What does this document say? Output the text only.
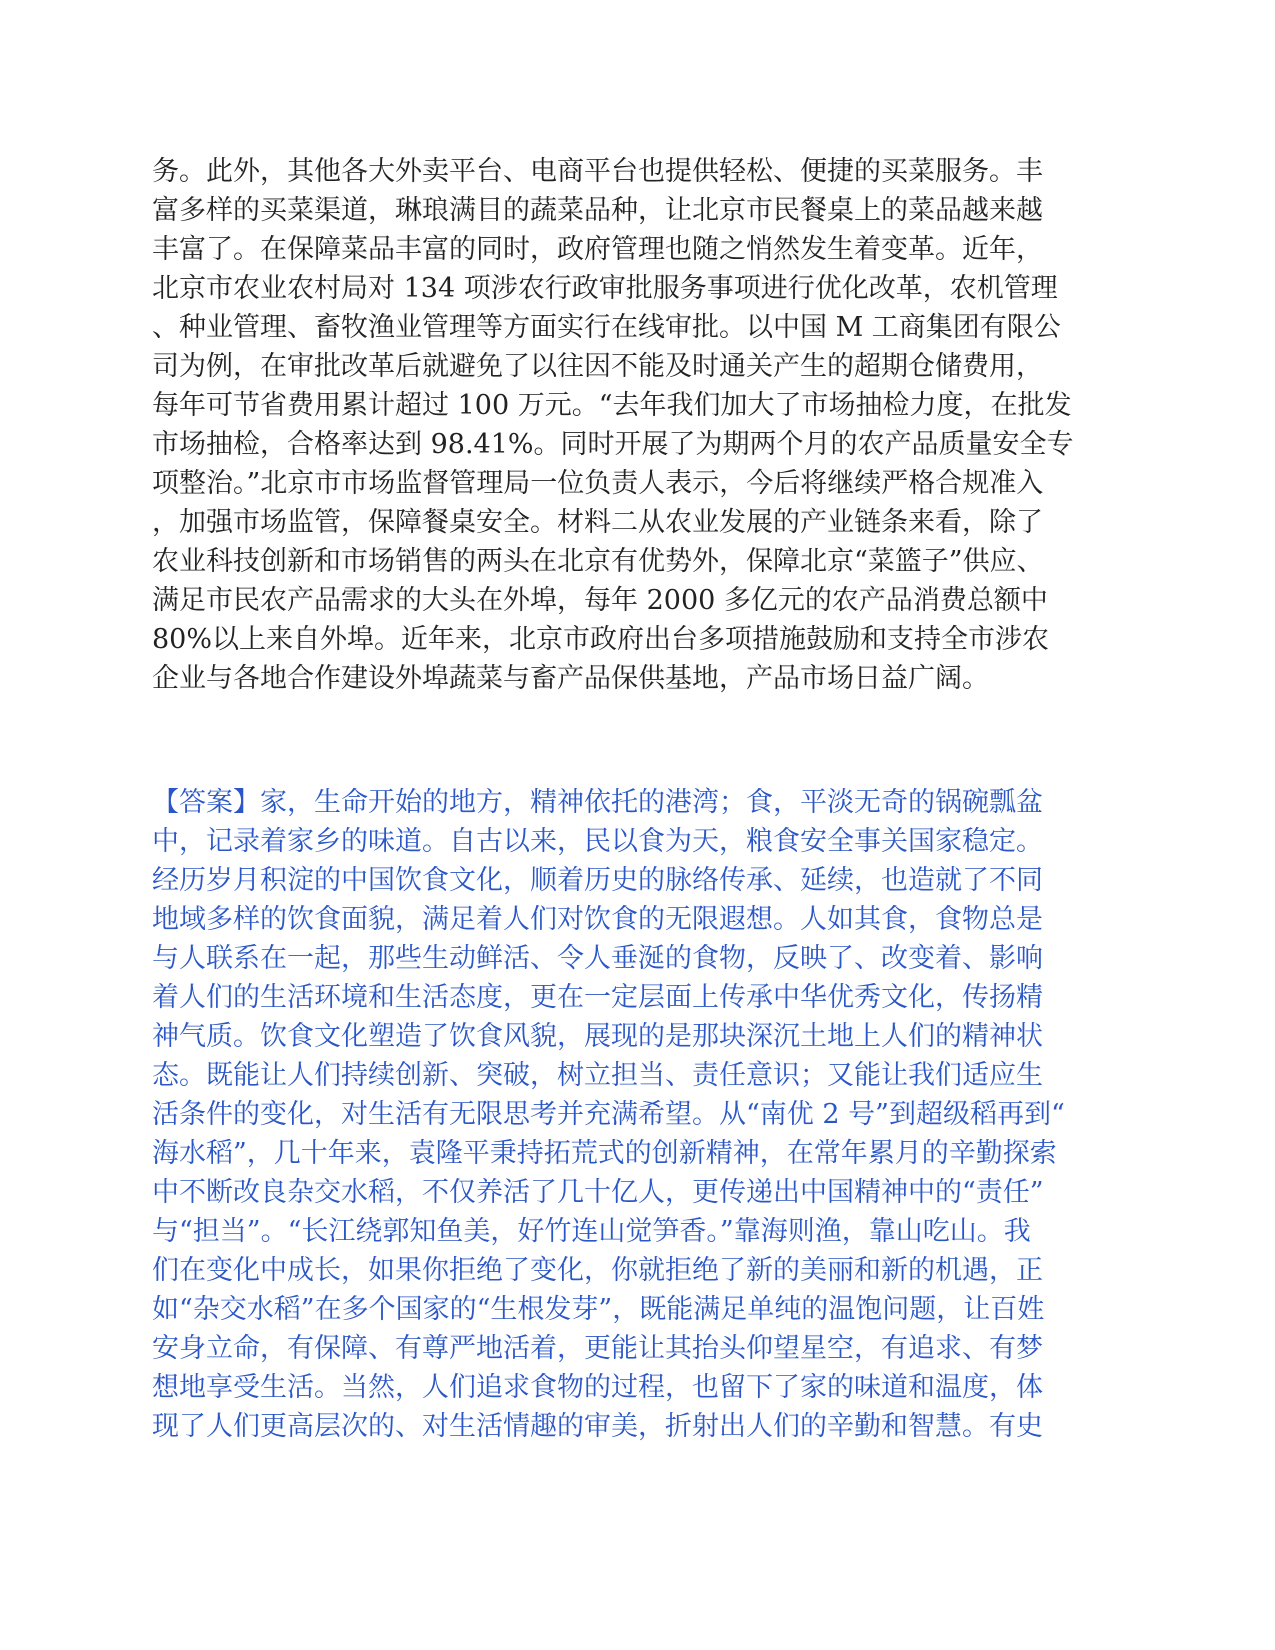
务。此外，其他各大外卖平台、电商平台也提供轻松、便捷的买菜服务。丰
富多样的买菜渠道，琳琅满目的蔬菜品种，让北京市民餐桌上的菜品越来越
丰富了。在保障菜品丰富的同时，政府管理也随之悄然发生着变革。近年，
北京市农业农村局对 134 项涉农行政审批服务事项进行优化改革，农机管理
、种业管理、畜牧渔业管理等方面实行在线审批。以中国 M 工商集团有限公
司为例，在审批改革后就避免了以往因不能及时通关产生的超期仓储费用，
每年可节省费用累计超过 100 万元。“去年我们加大了市场抽检力度，在批发
市场抽检，合格率达到 98.41%。同时开展了为期两个月的农产品质量安全专
项整治。”北京市市场监督管理局一位负责人表示，今后将继续严格合规准入
，加强市场监管，保障餐桌安全。材料二从农业发展的产业链条来看，除了
农业科技创新和市场销售的两头在北京有优势外，保障北京“菜篮子”供应、
满足市民农产品需求的大头在外埠，每年 2000 多亿元的农产品消费总额中
80%以上来自外埠。近年来，北京市政府出台多项措施鼓励和支持全市涉农
企业与各地合作建设外埠蔬菜与畜产品保供基地，产品市场日益广阔。
【答案】家，生命开始的地方，精神依托的港湾；食，平淡无奇的锅碗瓢盆
中，记录着家乡的味道。自古以来，民以食为天，粮食安全事关国家稳定。
经历岁月积淀的中国饮食文化，顺着历史的脉络传承、延续，也造就了不同
地域多样的饮食面貌，满足着人们对饮食的无限遐想。人如其食，食物总是
与人联系在一起，那些生动鲜活、令人垂涎的食物，反映了、改变着、影响
着人们的生活环境和生活态度，更在一定层面上传承中华优秀文化，传扬精
神气质。饮食文化塑造了饮食风貌，展现的是那块深沉土地上人们的精神状
态。既能让人们持续创新、突破，树立担当、责任意识；又能让我们适应生
活条件的变化，对生活有无限思考并充满希望。从“南优 2 号”到超级稻再到“
海水稻”，几十年来，袁隆平秉持拓荒式的创新精神，在常年累月的辛勤探索
中不断改良杂交水稻，不仅养活了几十亿人，更传递出中国精神中的“责任”
与“担当”。“长江绕郭知鱼美，好竹连山觉笋香。”靠海则渔，靠山吃山。我
们在变化中成长，如果你拒绝了变化，你就拒绝了新的美丽和新的机遇，正
如“杂交水稻”在多个国家的“生根发芽”，既能满足单纯的温饱问题，让百姓
安身立命，有保障、有尊严地活着，更能让其抬头仰望星空，有追求、有梦
想地享受生活。当然，人们追求食物的过程，也留下了家的味道和温度，体
现了人们更高层次的、对生活情趣的审美，折射出人们的辛勤和智慧。有史
